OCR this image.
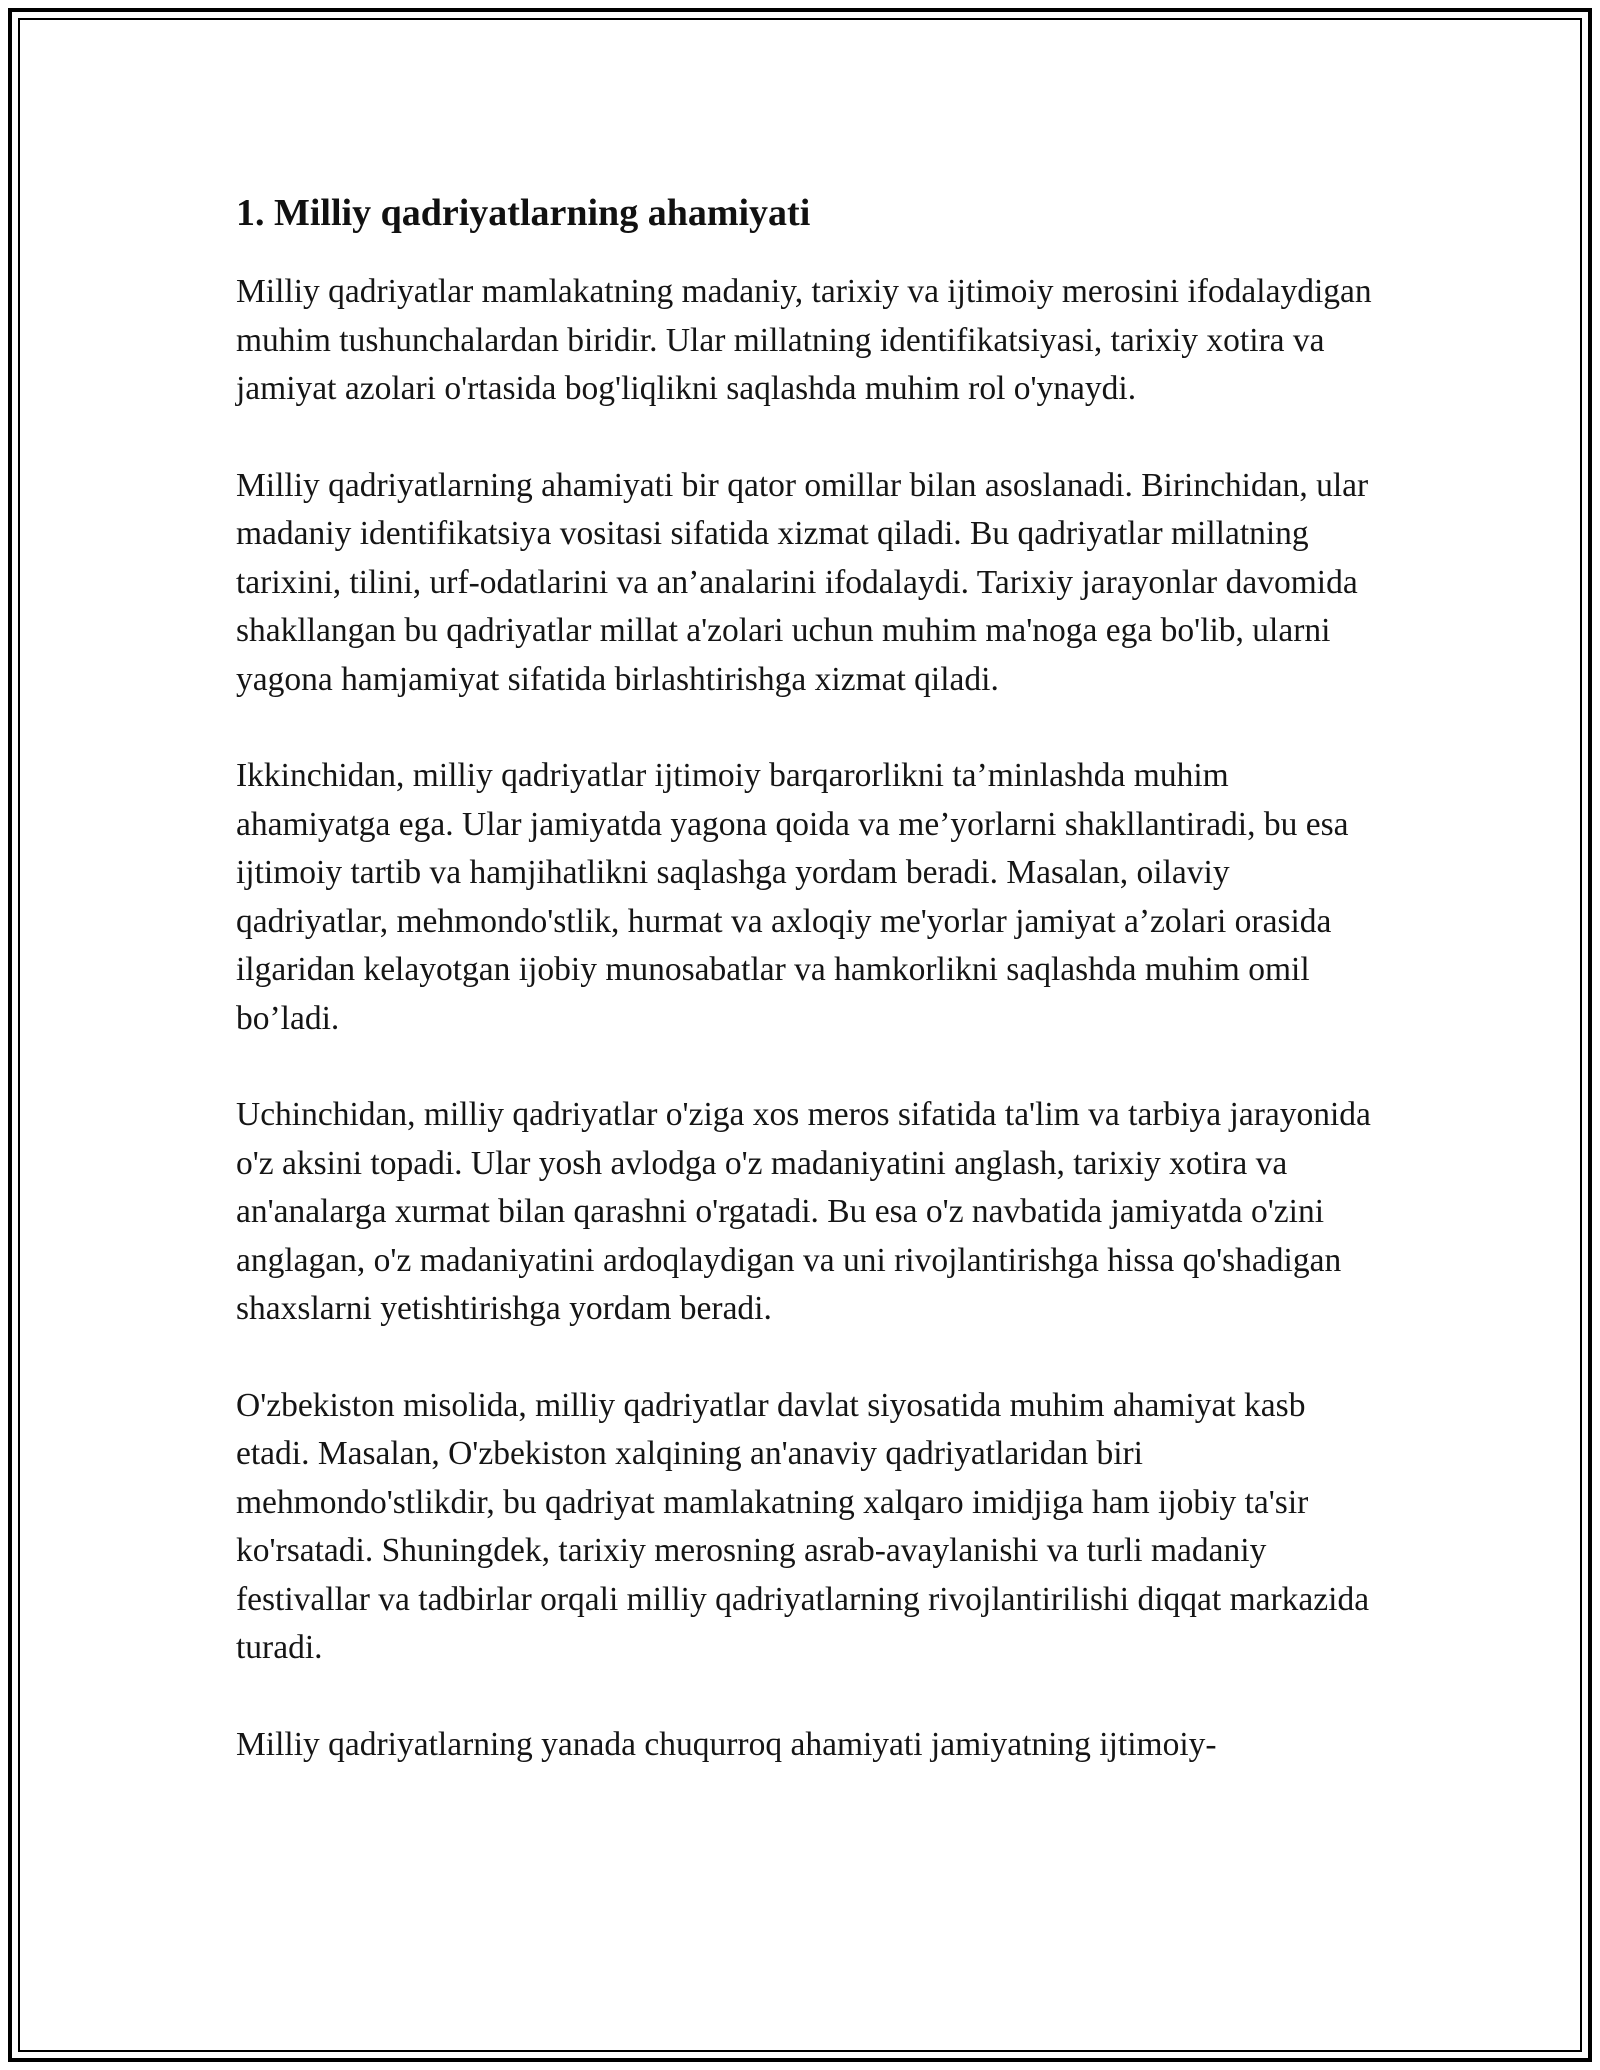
1. Milliy qadriyatlarning ahamiyati

Milliy qadriyatlar mamlakatning madaniy, tarixiy va ijtimoiy merosini ifodalaydigan muhim tushunchalardan biridir. Ular millatning identifikatsiyasi, tarixiy xotira va jamiyat azolari o'rtasida bog'liqlikni saqlashda muhim rol o'ynaydi.

Milliy qadriyatlarning ahamiyati bir qator omillar bilan asoslanadi. Birinchidan, ular madaniy identifikatsiya vositasi sifatida xizmat qiladi. Bu qadriyatlar millatning tarixini, tilini, urf-odatlarini va an’analarini ifodalaydi. Tarixiy jarayonlar davomida shakllangan bu qadriyatlar millat a'zolari uchun muhim ma'noga ega bo'lib, ularni yagona hamjamiyat sifatida birlashtirishga xizmat qiladi.

Ikkinchidan, milliy qadriyatlar ijtimoiy barqarorlikni ta’minlashda muhim ahamiyatga ega. Ular jamiyatda yagona qoida va me’yorlarni shakllantiradi, bu esa ijtimoiy tartib va hamjihatlikni saqlashga yordam beradi. Masalan, oilaviy qadriyatlar, mehmondo'stlik, hurmat va axloqiy me'yorlar jamiyat a’zolari orasida ilgaridan kelayotgan ijobiy munosabatlar va hamkorlikni saqlashda muhim omil bo’ladi.

Uchinchidan, milliy qadriyatlar o'ziga xos meros sifatida ta'lim va tarbiya jarayonida o'z aksini topadi. Ular yosh avlodga o'z madaniyatini anglash, tarixiy xotira va an'analarga xurmat bilan qarashni o'rgatadi. Bu esa o'z navbatida jamiyatda o'zini anglagan, o'z madaniyatini ardoqlaydigan va uni rivojlantirishga hissa qo'shadigan shaxslarni yetishtirishga yordam beradi.

O'zbekiston misolida, milliy qadriyatlar davlat siyosatida muhim ahamiyat kasb etadi. Masalan, O'zbekiston xalqining an'anaviy qadriyatlaridan biri mehmondo'stlikdir, bu qadriyat mamlakatning xalqaro imidjiga ham ijobiy ta'sir ko'rsatadi. Shuningdek, tarixiy merosning asrab-avaylanishi va turli madaniy festivallar va tadbirlar orqali milliy qadriyatlarning rivojlantirilishi diqqat markazida turadi.

Milliy qadriyatlarning yanada chuqurroq ahamiyati jamiyatning ijtimoiy-
